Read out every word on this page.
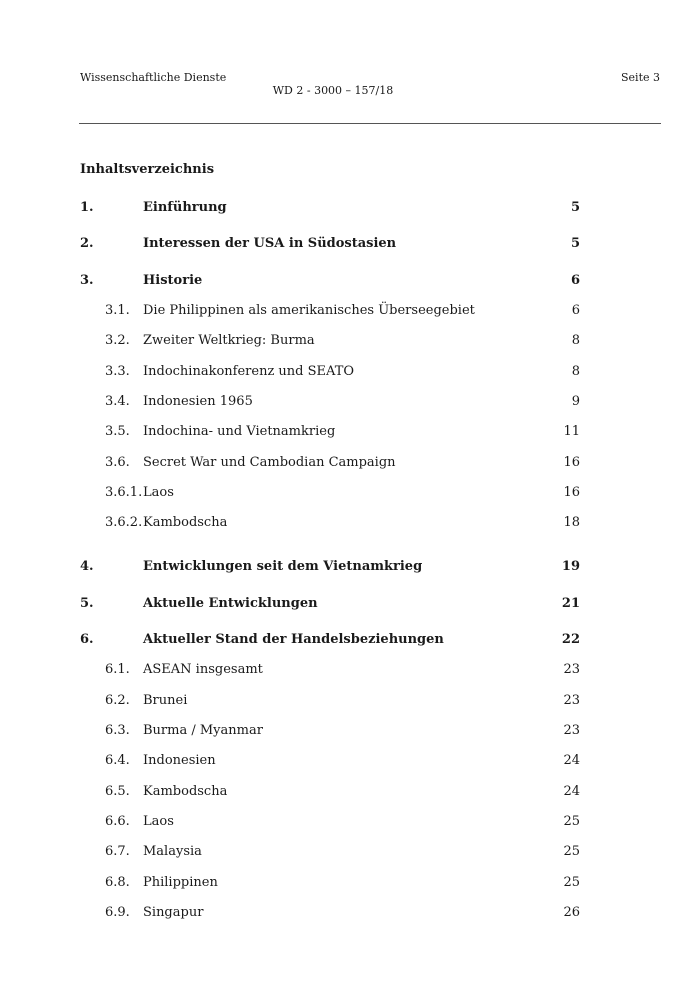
Wissenschaftliche Dienste
WD 2 - 3000 – 157/18
Seite 3
Inhaltsverzeichnis
1.	Einführung	5
2.	Interessen der USA in Südostasien	5
3.	Historie	6
3.1. Die Philippinen als amerikanisches Überseegebiet	6
3.2. Zweiter Weltkrieg: Burma	8
3.3. Indochinakonferenz und SEATO	8
3.4. Indonesien 1965	9
3.5. Indochina- und Vietnamkrieg	11
3.6. Secret War und Cambodian Campaign	16
3.6.1. Laos	16
3.6.2. Kambodscha	18
4.	Entwicklungen seit dem Vietnamkrieg	19
5.	Aktuelle Entwicklungen	21
6.	Aktueller Stand der Handelsbeziehungen	22
6.1. ASEAN insgesamt	23
6.2. Brunei	23
6.3. Burma / Myanmar	23
6.4. Indonesien	24
6.5. Kambodscha	24
6.6. Laos	25
6.7. Malaysia	25
6.8. Philippinen	25
6.9. Singapur	26
